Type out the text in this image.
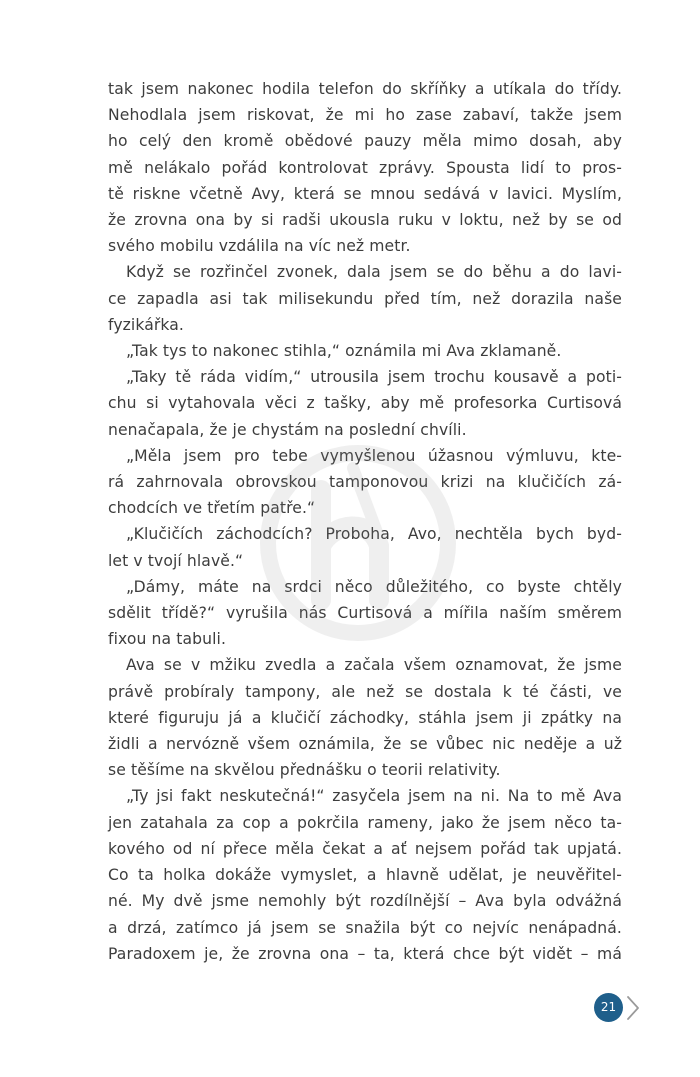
tak jsem nakonec hodila telefon do skříňky a utíkala do třídy.
Nehodlala jsem riskovat, že mi ho zase zabaví, takže jsem
ho celý den kromě obědové pauzy měla mimo dosah, aby
mě nelákalo pořád kontrolovat zprávy. Spousta lidí to pros-
tě riskne včetně Avy, která se mnou sedává v lavici. Myslím,
že zrovna ona by si radši ukousla ruku v loktu, než by se od
svého mobilu vzdálila na víc než metr.
Když se rozřinčel zvonek, dala jsem se do běhu a do lavi-
ce zapadla asi tak milisekundu před tím, než dorazila naše
fyzikářka.
„Tak tys to nakonec stihla,“ oznámila mi Ava zklamaně.
„Taky tě ráda vidím,“ utrousila jsem trochu kousavě a poti-
chu si vytahovala věci z tašky, aby mě profesorka Curtisová
nenačapala, že je chystám na poslední chvíli.
„Měla jsem pro tebe vymyšlenou úžasnou výmluvu, kte-
rá zahrnovala obrovskou tamponovou krizi na klučičích zá-
chodcích ve třetím patře.“
„Klučičích záchodcích? Proboha, Avo, nechtěla bych byd-
let v tvojí hlavě.“
„Dámy, máte na srdci něco důležitého, co byste chtěly
sdělit třídě?“ vyrušila nás Curtisová a mířila naším směrem
fixou na tabuli.
Ava se v mžiku zvedla a začala všem oznamovat, že jsme
právě probíraly tampony, ale než se dostala k té části, ve
které figuruju já a klučičí záchodky, stáhla jsem ji zpátky na
židli a nervózně všem oznámila, že se vůbec nic neděje a už
se těšíme na skvělou přednášku o teorii relativity.
„Ty jsi fakt neskutečná!“ zasyčela jsem na ni. Na to mě Ava
jen zatahala za cop a pokrčila rameny, jako že jsem něco ta-
kového od ní přece měla čekat a ať nejsem pořád tak upjatá.
Co ta holka dokáže vymyslet, a hlavně udělat, je neuvěřitel-
né. My dvě jsme nemohly být rozdílnější – Ava byla odvážná
a drzá, zatímco já jsem se snažila být co nejvíc nenápadná.
Paradoxem je, že zrovna ona – ta, která chce být vidět – má
21
